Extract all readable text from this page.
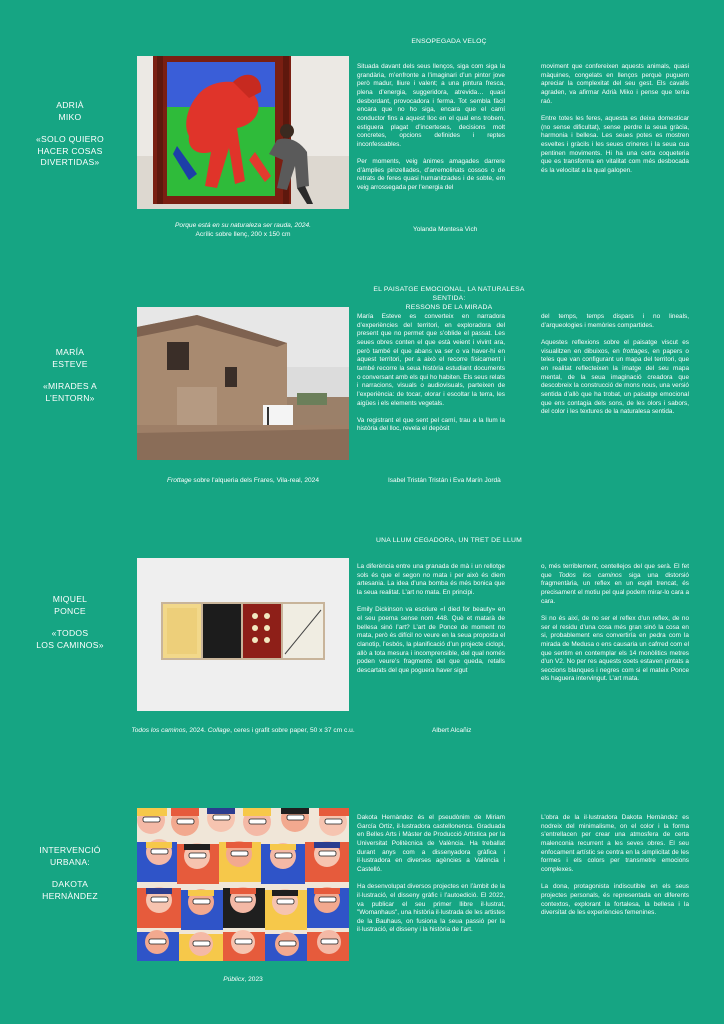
ADRIÀ
MIKO
«SOLO QUIERO
HACER COSAS
DIVERTIDAS»
Porque está en su naturaleza ser rauda, 2024.
Acrílic sobre llenç, 200 x 150 cm
ENSOPEGADA VELOÇ

Situada davant dels seus llenços, siga com siga la grandària, m’enfronte a l’imaginari d’un pintor jove però madur, lliure i valent; a una pintura fresca, plena d’energia, suggeridora, atrevida… quasi desbordant, provocadora i ferma. Tot sembla fàcil encara que no ho siga, encara que el camí conductor fins a aquest lloc en el qual ens trobem, estiguera plagat d’incerteses, decisions molt concretes, opcions definides i reptes inconfessables.

Per moments, veig ànimes amagades darrere d’àmplies pinzellades, d’arremolinats cossos o de retrats de feres quasi humanitzades i de sobte, em veig arrossegada per l’energia del

moviment que confereixen aquests animals, quasi màquines, congelats en llenços perquè puguem apreciar la complexitat del seu gest. Els cavalls agraden, va afirmar Adrià Miko i pense que tenia raó.

Entre totes les feres, aquesta es deixa domesticar (no sense dificultat), sense perdre la seua gràcia, harmonia i bellesa. Les seues potes es mostren esveltes i gràcils i les seues crineres i la seua cua pentinen moviments. Hi ha una certa coqueteria que es transforma en vitalitat com més desbocada és la velocitat a la qual galopen.

Yolanda Montesa Vich
MARÍA
ESTEVE
«MIRADES A
L’ENTORN»
Frottage sobre l’alqueria dels Frares, Vila-real, 2024
EL PAISATGE EMOCIONAL, LA NATURALESA SENTIDA:
RESSONS DE LA MIRADA

María Esteve es converteix en narradora d’experiències del territori, en exploradora del present que no permet que s’oblide el passat. Les seues obres conten el que està veient i vivint ara, però també el que abans va ser o va haver-hi en aquest territori, per a això el recorre físicament i també recorre la seua història estudiant documents o conversant amb els qui ho habiten. Els seus relats i narracions, visuals o audiovisuals, parteixen de l’experiència: de tocar, olorar i escoltar la terra, les aigües i els elements vegetals.

Va registrant el que sent pel camí, trau a la llum la història del lloc, revela el depòsit

del temps, temps dispars i no lineals, d’arqueologies i memòries compartides.

Aquestes reflexions sobre el paisatge viscut es visualitzen en dibuixos, en frottages, en papers o teles que van configurant un mapa del territori, que en realitat reflecteixen la imatge del seu mapa mental, de la seua imaginació creadora que descobreix la construcció de mons nous, una versió sentida d’allò que ha trobat, un paisatge emocional que ens contagia dels sons, de les olors i sabors, del color i les textures de la naturalesa sentida.

Isabel Tristán Tristán i Eva Marín Jordà
MIQUEL
PONCE
«TODOS
LOS CAMINOS»
Todos los caminos, 2024. Collage, ceres i grafit sobre paper, 50 x 37 cm c.u.
UNA LLUM CEGADORA, UN TRET DE LLUM

La diferència entre una granada de mà i un rellotge sols és que el segon no mata i per això és diem artesania. La idea d’una bomba és més bonica que la seua realitat. L’art no mata. En principi.

Emily Dickinson va escriure «I died for beauty» en el seu poema sense nom 448. Què et matarà de bellesa sinó l’art? L’art de Ponce de moment no mata, però és difícil no veure en la seua proposta el clanotip, l’esbós, la planificació d’un projecte ciclopi, allò a tota mesura i incomprensible, del qual només poden veure’s fragments del que queda, retalls descartats del que poguera haver sigut

o, més terriblement, centellejos del que serà. El fet que Todos los caminos siga una distorsió fragmentària, un reflex en un espill trencat, és precisament el motiu pel qual podem mirar-lo cara a cara.

Si no és així, de no ser el reflex d’un reflex, de no ser el residu d’una cosa més gran sinó la cosa en si, probablement ens convertiría en pedra com la mirada de Medusa o ens causaria un cafrred com el que sentim en contemplar els 14 monòlitics metres d’un V2. No per res aquests coets estaven pintats a seccions blanques i negres com si el mateix Ponce els haguera intervingut. L’art mata.

Albert Alcañiz
INTERVENCIÓ
URBANA:
DAKOTA
HERNÀNDEZ
Públicx, 2023

Dakota Hernàndez és el pseudònim de Miriam García Ortiz, il·lustradora castellonenca. Graduada en Belles Arts i Màster de Producció Artística per la Universitat Politècnica de València. Ha treballat durant anys com a dissenyadora gràfica i il·lustradora en diverses agències a València i Castelló.

Ha desenvolupat diversos projectes en l’àmbit de la il·lustració, el disseny gràfic i l’autoedició. El 2022, va publicar el seu primer llibre il·lustrat, "Womanhaus", una història il·lustrada de les artistes de la Bauhaus, on fusiona la seua passió per la il·lustració, el disseny i la història de l’art.

L’obra de la il·lustradora Dakota Hernàndez es nodreix del minimalisme, on el color i la forma s’entrellacen per crear una atmosfera de certa malenconia recurrent a les seves obres. El seu enfocament artístic se centra en la simplicitat de les formes i els colors per transmetre emocions complexes.

La dona, protagonista indiscutible en els seus projectes personals, és representada en diferents contextos, explorant la fortalesa, la bellesa i la diversitat de les experiències femenines.
